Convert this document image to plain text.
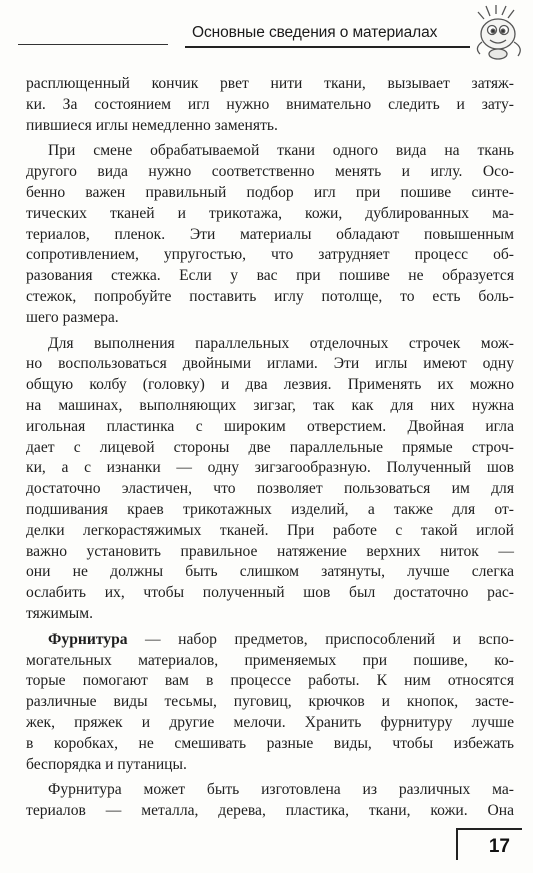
Основные сведения о материалах
расплющенный кончик рвет нити ткани, вызывает затяж-
ки. За состоянием игл нужно внимательно следить и зату-
пившиеся иглы немедленно заменять.
При смене обрабатываемой ткани одного вида на ткань
другого вида нужно соответственно менять и иглу. Осо-
бенно важен правильный подбор игл при пошиве синте-
тических тканей и трикотажа, кожи, дублированных ма-
териалов, пленок. Эти материалы обладают повышенным
сопротивлением, упругостью, что затрудняет процесс об-
разования стежка. Если у вас при пошиве не образуется
стежок, попробуйте поставить иглу потолще, то есть боль-
шего размера.
Для выполнения параллельных отделочных строчек мож-
но воспользоваться двойными иглами. Эти иглы имеют одну
общую колбу (головку) и два лезвия. Применять их можно
на машинах, выполняющих зигзаг, так как для них нужна
игольная пластинка с широким отверстием. Двойная игла
дает с лицевой стороны две параллельные прямые строч-
ки, а с изнанки — одну зигзагообразную. Полученный шов
достаточно эластичен, что позволяет пользоваться им для
подшивания краев трикотажных изделий, а также для от-
делки легкорастяжимых тканей. При работе с такой иглой
важно установить правильное натяжение верхних ниток —
они не должны быть слишком затянуты, лучше слегка
ослабить их, чтобы полученный шов был достаточно рас-
тяжимым.
Фурнитура — набор предметов, приспособлений и вспо-
могательных материалов, применяемых при пошиве, ко-
торые помогают вам в процессе работы. К ним относятся
различные виды тесьмы, пуговиц, крючков и кнопок, застe-
жек, пряжек и другие мелочи. Хранить фурнитуру лучше
в коробках, не смешивать разные виды, чтобы избежать
беспорядка и путаницы.
Фурнитура может быть изготовлена из различных ма-
териалов — металла, дерева, пластика, ткани, кожи. Она
17
